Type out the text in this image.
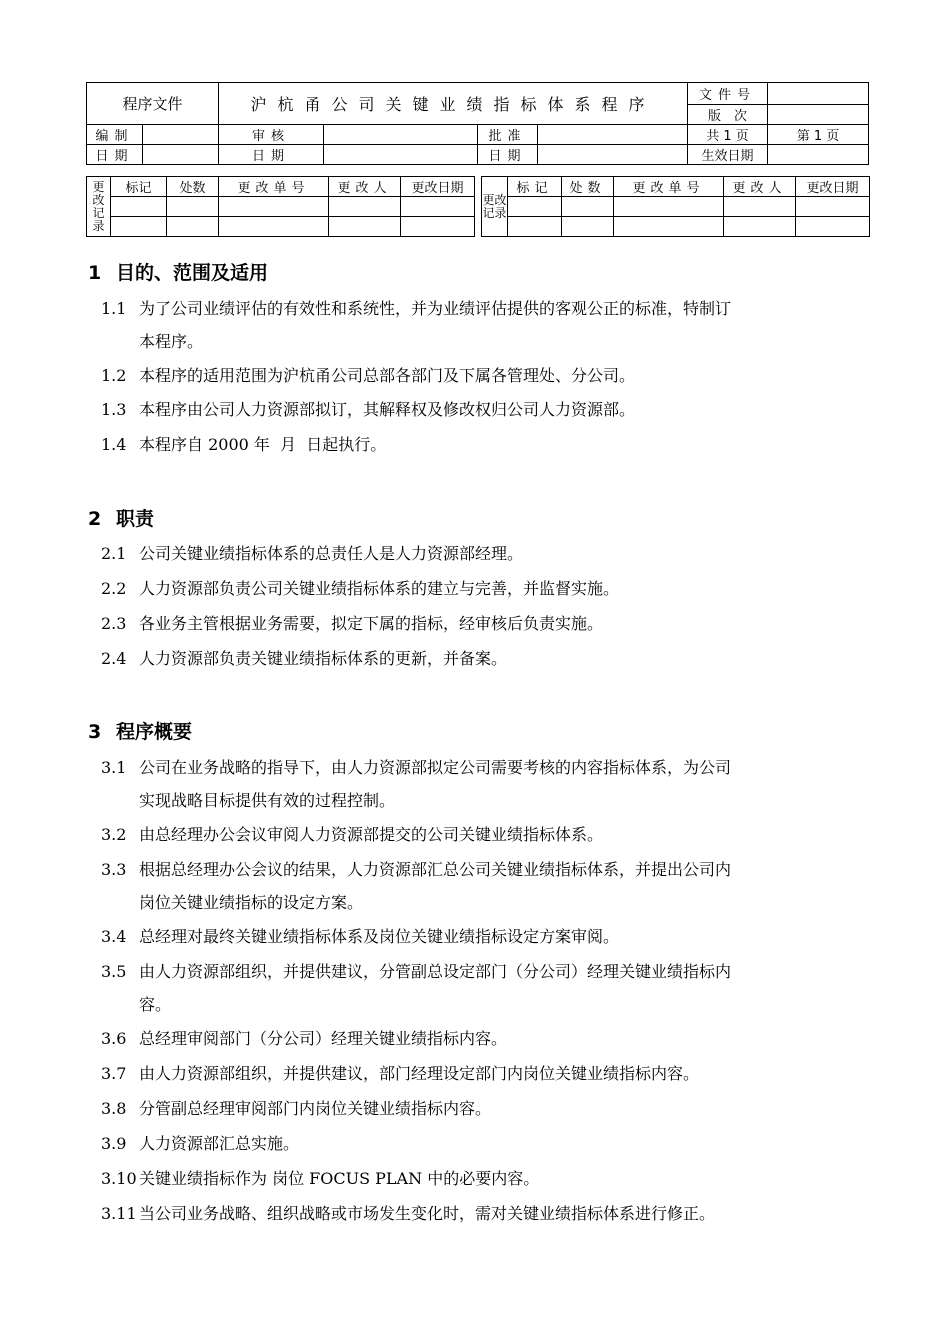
程序文件		沪杭甬公司关键业绩指标体系程序				文件号	
						版　次	
编制		审核		批准		共 1 页	第 1 页
日期		日期		日期		生效日期	
更改记录	标记	处数	更改单号	更改人	更改日期

更改记录	标记	处数	更改单号	更改人	更改日期

1 目的、范围及适用
1.1 为了公司业绩评估的有效性和系统性，并为业绩评估提供的客观公正的标准，特制订
本程序。
1.2 本程序的适用范围为沪杭甬公司总部各部门及下属各管理处、分公司。
1.3 本程序由公司人力资源部拟订，其解释权及修改权归公司人力资源部。
1.4 本程序自 2000 年  月  日起执行。
2 职责
2.1 公司关键业绩指标体系的总责任人是人力资源部经理。
2.2 人力资源部负责公司关键业绩指标体系的建立与完善，并监督实施。
2.3 各业务主管根据业务需要，拟定下属的指标，经审核后负责实施。
2.4 人力资源部负责关键业绩指标体系的更新，并备案。
3 程序概要
3.1 公司在业务战略的指导下，由人力资源部拟定公司需要考核的内容指标体系，为公司
实现战略目标提供有效的过程控制。
3.2 由总经理办公会议审阅人力资源部提交的公司关键业绩指标体系。
3.3 根据总经理办公会议的结果，人力资源部汇总公司关键业绩指标体系，并提出公司内
岗位关键业绩指标的设定方案。
3.4 总经理对最终关键业绩指标体系及岗位关键业绩指标设定方案审阅。
3.5 由人力资源部组织，并提供建议，分管副总设定部门（分公司）经理关键业绩指标内
容。
3.6 总经理审阅部门（分公司）经理关键业绩指标内容。
3.7 由人力资源部组织，并提供建议，部门经理设定部门内岗位关键业绩指标内容。
3.8 分管副总经理审阅部门内岗位关键业绩指标内容。
3.9 人力资源部汇总实施。
3.10 关键业绩指标作为 岗位 FOCUS PLAN 中的必要内容。
3.11 当公司业务战略、组织战略或市场发生变化时，需对关键业绩指标体系进行修正。
